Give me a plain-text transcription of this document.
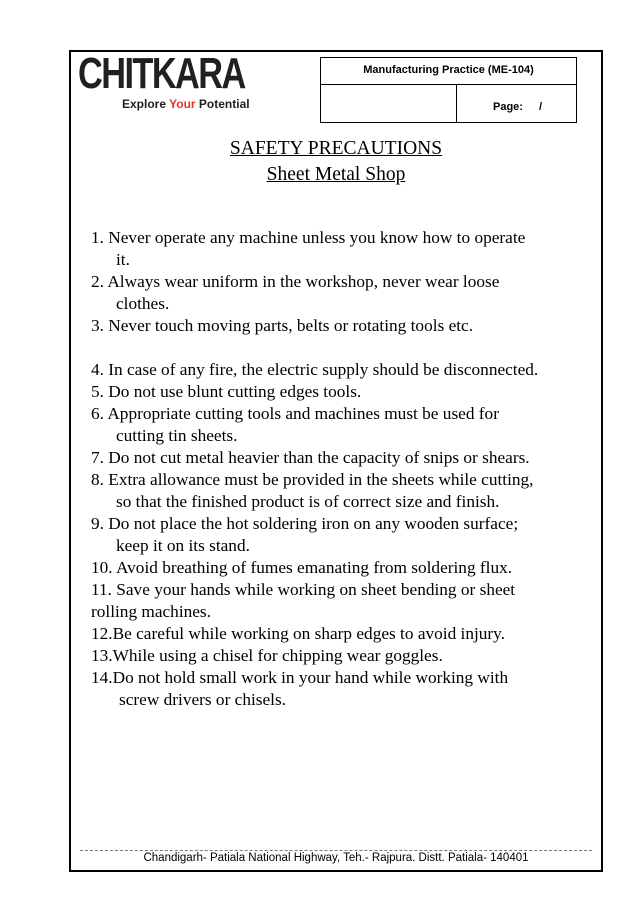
CHITKARA
Explore Your Potential
Manufacturing Practice (ME-104)
Page: /
SAFETY PRECAUTIONS
Sheet Metal Shop
1. Never operate any machine unless you know how to operate
it.
2. Always wear uniform in the workshop, never wear loose
clothes.
3. Never touch moving parts, belts or rotating tools etc.
4. In case of any fire, the electric supply should be disconnected.
5. Do not use blunt cutting edges tools.
6. Appropriate cutting tools and machines must be used for
cutting tin sheets.
7. Do not cut metal heavier than the capacity of snips or shears.
8. Extra allowance must be provided in the sheets while cutting,
so that the finished product is of correct size and finish.
9. Do not place the hot soldering iron on any wooden surface;
keep it on its stand.
10. Avoid breathing of fumes emanating from soldering flux.
11. Save your hands while working on sheet bending or sheet
rolling machines.
12.Be careful while working on sharp edges to avoid injury.
13.While using a chisel for chipping wear goggles.
14.Do not hold small work in your hand while working with
screw drivers or chisels.
Chandigarh- Patiala National Highway, Teh.- Rajpura. Distt. Patiala- 140401
